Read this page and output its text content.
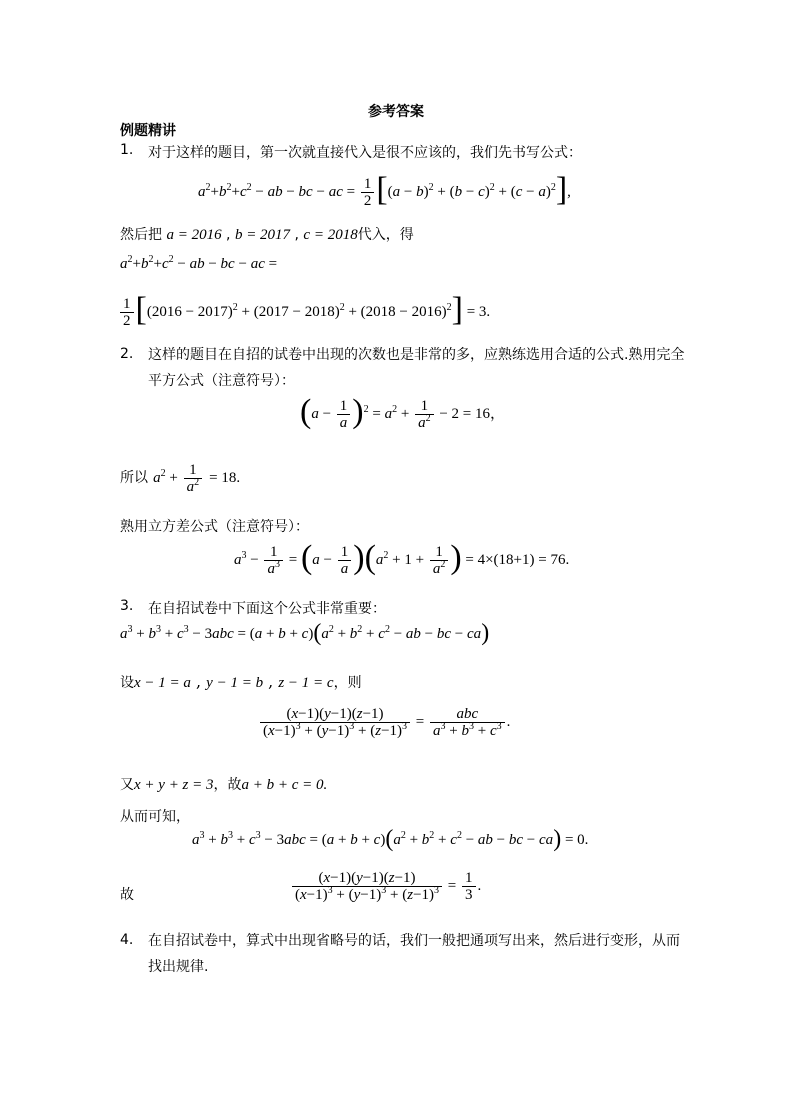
参考答案
例题精讲
1. 对于这样的题目，第一次就直接代入是很不应该的，我们先书写公式：
$a^2+b^2+c^2$ − ab − bc − ac = $\frac{1}{2} [(a - b)^2 + (b - c)^2 + (c - a)^2]$,
然后把 a = 2016 , b = 2017 , c = 2018代入，得
$a^2+b^2+c^2$ − ab − bc − ac =
$\frac{1}{2} [(2016 - 2017)^2 + (2017 - 2018)^2 + (2018 - 2016)^2] = 3$.
2. 这样的题目在自招的试卷中出现的次数也是非常的多，应熟练选用合适的公式.熟用完全平方公式（注意符号）：
$(a - \frac{1}{a} )^2 = a^2 + \frac{1}{a^2} - 2 = 16$，
所以 $a^2 + \frac{1}{a^2} = 18$.
熟用立方差公式（注意符号）：
$a^3 - \frac{1}{a^3} = (a - \frac{1}{a} )(a^2 + 1 + \frac{1}{a^2}$ ) = 4×(18+1) = 76.
3. 在自招试卷中下面这个公式非常重要：
$a^3 + b^3 + c^3 - 3abc = (a + b + c)(a^2 + b^2 + c^2$ − ab − bc − ca)
设x − 1 = a , y − 1 = b , z − 1 = c，则
$\frac{(x-1)(y-1)(z-1)}{(x-1)^3 + (y-1)^3 + (z-1)^3} = \frac{\text{abc}}{a^3 + b^3 + c^3}$ .
又x + y + z = 3，故a + b + c = 0.
从而可知，
$a^3 + b^3 + c^3 - 3abc = (a + b + c)(a^2 + b^2 + c^2$ − ab − bc − ca) = 0.
故	$\frac{(x-1)(y-1)(z-1)}{(x-1)^3 + (y-1)^3 + (z-1)^3} = \frac{1}{3}$ .
4. 在自招试卷中，算式中出现省略号的话，我们一般把通项写出来，然后进行变形，从而找出规律.
